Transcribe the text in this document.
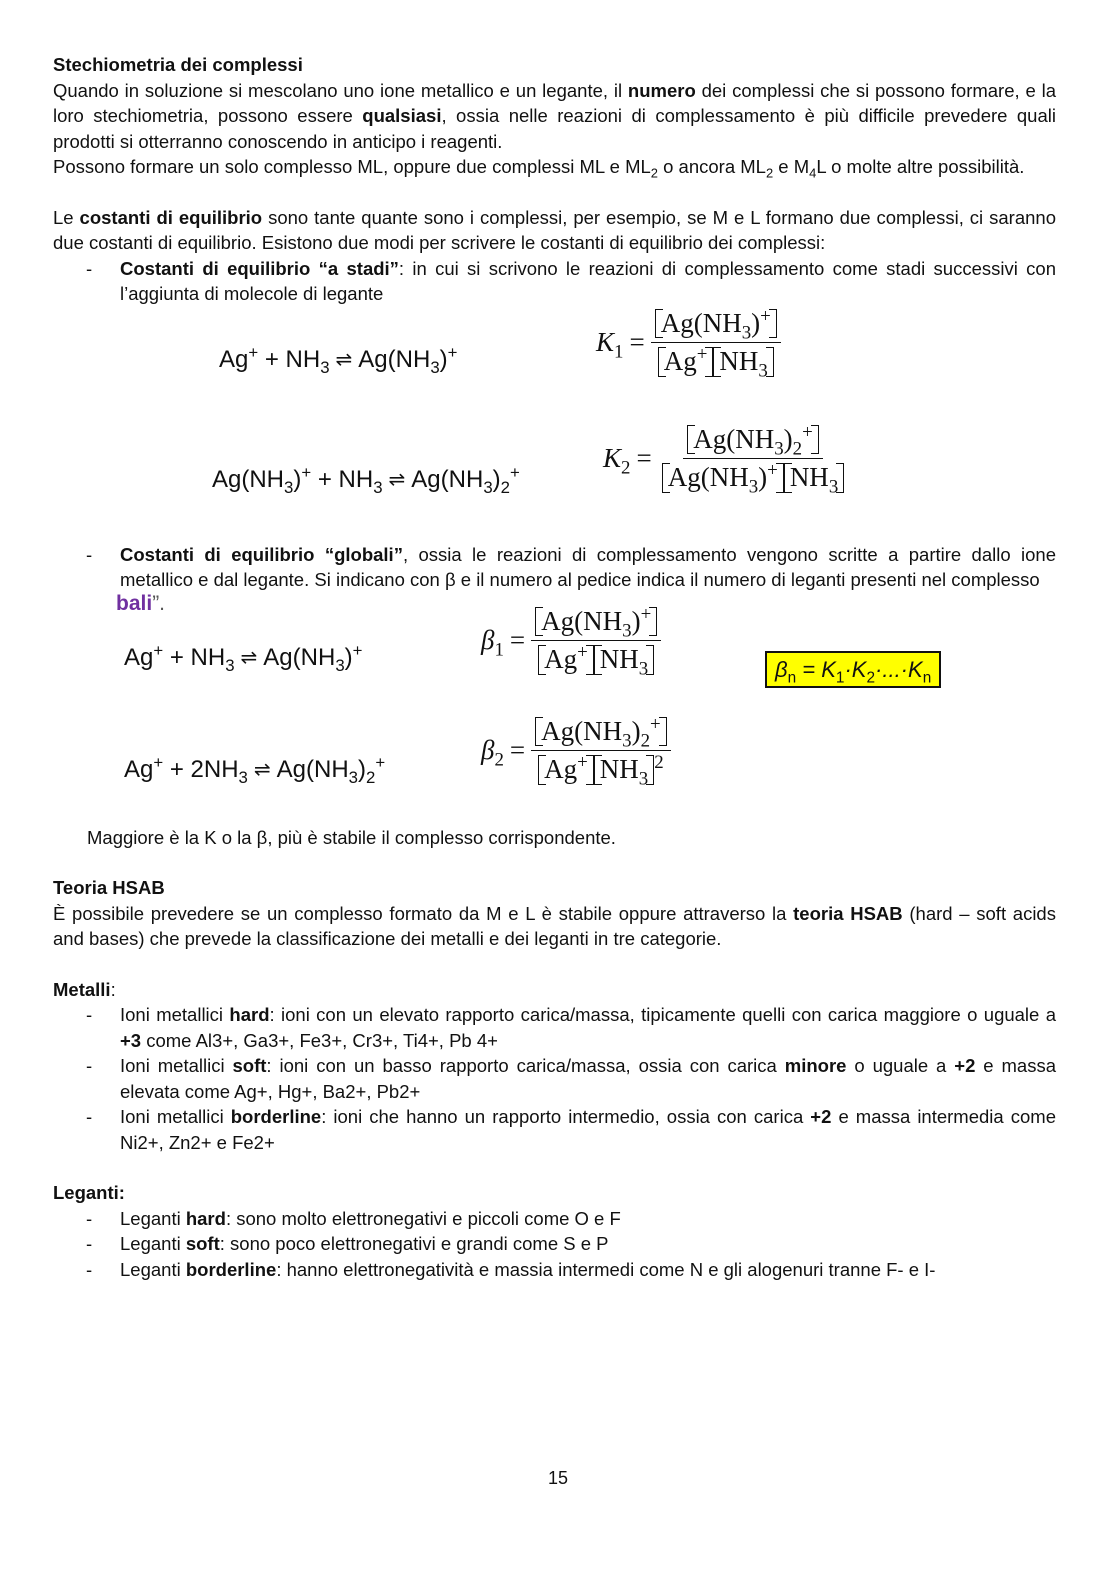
Stechiometria dei complessi

Quando in soluzione si mescolano uno ione metallico e un legante, il numero dei complessi che si possono formare, e la loro stechiometria, possono essere qualsiasi, ossia nelle reazioni di complessamento è più difficile prevedere quali prodotti si otterranno conoscendo in anticipo i reagenti.

Possono formare un solo complesso ML, oppure due complessi ML e $ML_2$ o ancora $ML_2$ e $M_4L$ o molte altre possibilità.

Le costanti di equilibrio sono tante quante sono i complessi, per esempio, se M e L formano due complessi, ci saranno due costanti di equilibrio. Esistono due modi per scrivere le costanti di equilibrio dei complessi:

- Costanti di equilibrio “a stadi”: in cui si scrivono le reazioni di complessamento come stadi successivi con l’aggiunta di molecole di legante
$Ag^+ + NH_3$ ⇌ $Ag(NH_3)^+$	$K_1 = \frac{Ag(NH_3)^+}{Ag^+ NH_3}$
$Ag(NH_3)^+ + NH_3$ ⇌ $Ag(NH_3)_2^+$	$K_2 = \frac{Ag(NH_3)_2^+}{Ag(NH_3)^+ NH_3}$
- Costanti di equilibrio “globali”, ossia le reazioni di complessamento vengono scritte a partire dallo ione metallico e dal legante. Si indicano con β e il numero al pedice indica il numero di leganti presenti nel complesso
bali”.
$Ag^+ + NH_3$ ⇌ $Ag(NH_3)^+$	$\beta_1 = \frac{Ag(NH_3)^+}{Ag^+ NH_3}$	$\beta_n = K_1\cdot K_2\cdot...\cdot K_n$
$Ag^+ + 2NH_3$ ⇌ $Ag(NH_3)_2^+$	$\beta_2 = \frac{Ag(NH_3)_2^+}{Ag^+ NH_3^2}$

Maggiore è la K o la β, più è stabile il complesso corrispondente.

Teoria HSAB

È possibile prevedere se un complesso formato da M e L è stabile oppure attraverso la teoria HSAB (hard – soft acids and bases) che prevede la classificazione dei metalli e dei leganti in tre categorie.

Metalli:

- Ioni metallici hard: ioni con un elevato rapporto carica/massa, tipicamente quelli con carica maggiore o uguale a +3 come Al3+, Ga3+, Fe3+, Cr3+, Ti4+, Pb 4+
- Ioni metallici soft: ioni con un basso rapporto carica/massa, ossia con carica minore o uguale a +2 e massa elevata come Ag+, Hg+, Ba2+, Pb2+
- Ioni metallici borderline: ioni che hanno un rapporto intermedio, ossia con carica +2 e massa intermedia come Ni2+, Zn2+ e Fe2+

Leganti:

- Leganti hard: sono molto elettronegativi e piccoli come O e F
- Leganti soft: sono poco elettronegativi e grandi come S e P
- Leganti borderline: hanno elettronegatività e massia intermedi come N e gli alogenuri tranne F- e I-
15
